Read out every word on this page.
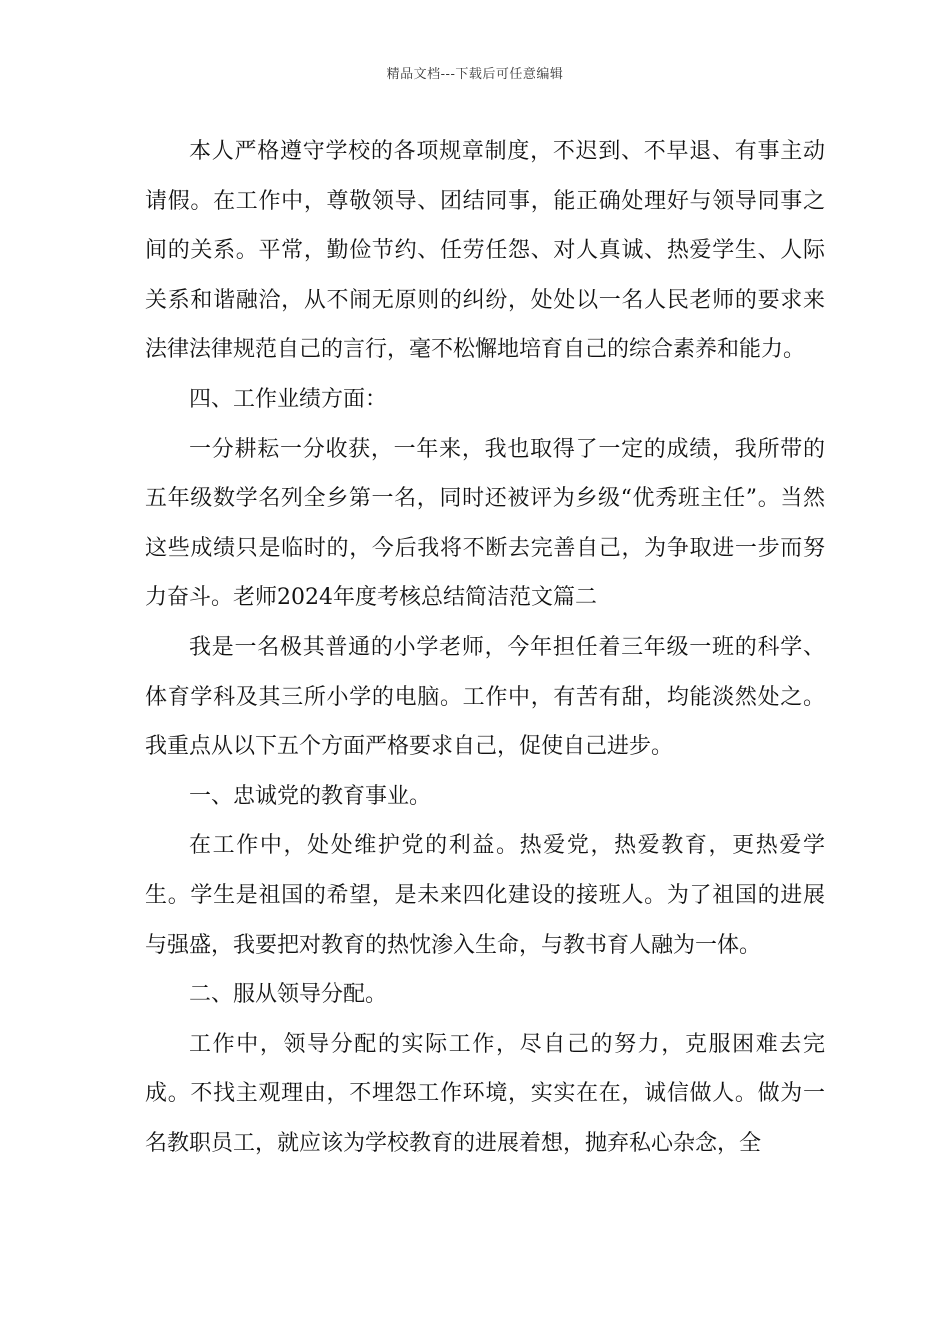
精品文档---下载后可任意编辑

本人严格遵守学校的各项规章制度，不迟到、不早退、有事主动请假。在工作中，尊敬领导、团结同事，能正确处理好与领导同事之间的关系。平常，勤俭节约、任劳任怨、对人真诚、热爱学生、人际关系和谐融洽，从不闹无原则的纠纷，处处以一名人民老师的要求来法律法律规范自己的言行，毫不松懈地培育自己的综合素养和能力。

四、工作业绩方面：

一分耕耘一分收获，一年来，我也取得了一定的成绩，我所带的五年级数学名列全乡第一名，同时还被评为乡级“优秀班主任”。当然这些成绩只是临时的，今后我将不断去完善自己，为争取进一步而努力奋斗。老师2024年度考核总结简洁范文篇二

我是一名极其普通的小学老师，今年担任着三年级一班的科学、体育学科及其三所小学的电脑。工作中，有苦有甜，均能淡然处之。我重点从以下五个方面严格要求自己，促使自己进步。

一、忠诚党的教育事业。

在工作中，处处维护党的利益。热爱党，热爱教育，更热爱学生。学生是祖国的希望，是未来四化建设的接班人。为了祖国的进展与强盛，我要把对教育的热忱渗入生命，与教书育人融为一体。

二、服从领导分配。

工作中，领导分配的实际工作，尽自己的努力，克服困难去完成。不找主观理由，不埋怨工作环境，实实在在，诚信做人。做为一名教职员工，就应该为学校教育的进展着想，抛弃私心杂念，全
